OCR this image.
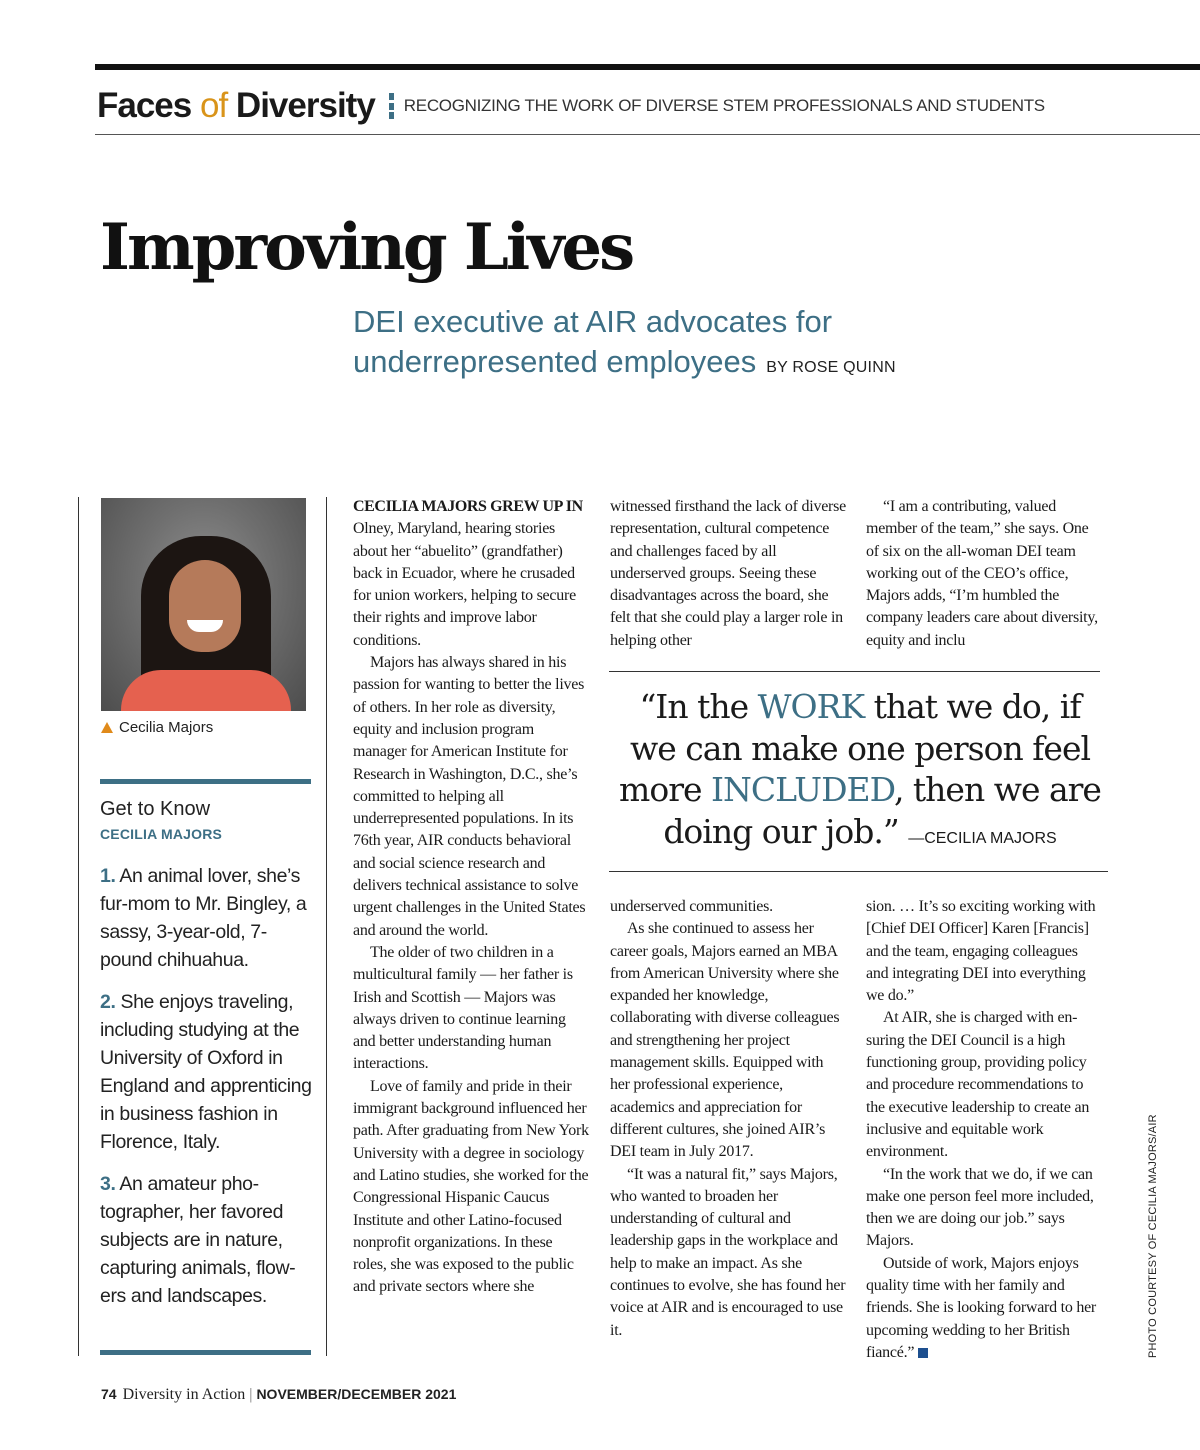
Faces of Diversity RECOGNIZING THE WORK OF DIVERSE STEM PROFESSIONALS AND STUDENTS
Improving Lives
DEI executive at AIR advocates for
underrepresented employees BY ROSE QUINN
Cecilia Majors
Get to Know
CECILIA MAJORS
1. An animal lover, she’s fur-mom to Mr. Bingley, a sassy, 3-year-old, 7-pound chihuahua.
2. She enjoys traveling, including studying at the University of Oxford in England and apprenticing in business fashion in Florence, Italy.
3. An amateur photographer, her favored subjects are in nature, capturing animals, flowers and landscapes.

CECILIA MAJORS GREW UP IN Olney, Maryland, hearing stories about her “abuelito” (grandfather) back in Ecuador, where he crusaded for union workers, helping to secure their rights and improve labor conditions.

Majors has always shared in his passion for wanting to better the lives of others. In her role as diversity, equity and inclusion program manager for American Institute for Research in Washington, D.C., she’s committed to helping all underrepresented populations. In its 76th year, AIR conducts behavioral and social science research and delivers technical assistance to solve urgent challenges in the United States and around the world.

The older of two children in a multicultural family — her father is Irish and Scottish — Majors was always driven to continue learning and better understanding human interactions.

Love of family and pride in their immigrant background influenced her path. After graduating from New York University with a degree in sociology and Latino studies, she worked for the Congressional Hispanic Caucus Institute and other Latino-focused nonprofit organizations. In these roles, she was exposed to the public and private sectors where she

witnessed firsthand the lack of diverse representation, cultural competence and challenges faced by all underserved groups. Seeing these disadvantages across the board, she felt that she could play a larger role in helping other

“I am a contributing, valued member of the team,” she says. One of six on the all-woman DEI team working out of the CEO’s office, Majors adds, “I’m humbled the company leaders care about diversity, equity and inclu

“In the WORK that we do, if we can make one person feel more INCLUDED, then we are doing our job.” —CECILIA MAJORS

underserved communities.

As she continued to assess her career goals, Majors earned an MBA from American University where she expanded her knowledge, collaborating with diverse colleagues and strengthening her project management skills. Equipped with her professional experience, academics and appreciation for different cultures, she joined AIR’s DEI team in July 2017.

“It was a natural fit,” says Majors, who wanted to broaden her understanding of cultural and leadership gaps in the workplace and help to make an impact. As she continues to evolve, she has found her voice at AIR and is encouraged to use it.

sion. … It’s so exciting working with [Chief DEI Officer] Karen [Francis] and the team, engaging colleagues and integrating DEI into everything we do.”

At AIR, she is charged with ensuring the DEI Council is a high functioning group, providing policy and procedure recommendations to the executive leadership to create an inclusive and equitable work environment.

“In the work that we do, if we can make one person feel more included, then we are doing our job.” says Majors.

Outside of work, Majors enjoys quality time with her family and friends. She is looking forward to her upcoming wedding to her British fiancé.”	PHOTO COURTESY OF CECILIA MAJORS/AIR
74 Diversity in Action | NOVEMBER/DECEMBER 2021
